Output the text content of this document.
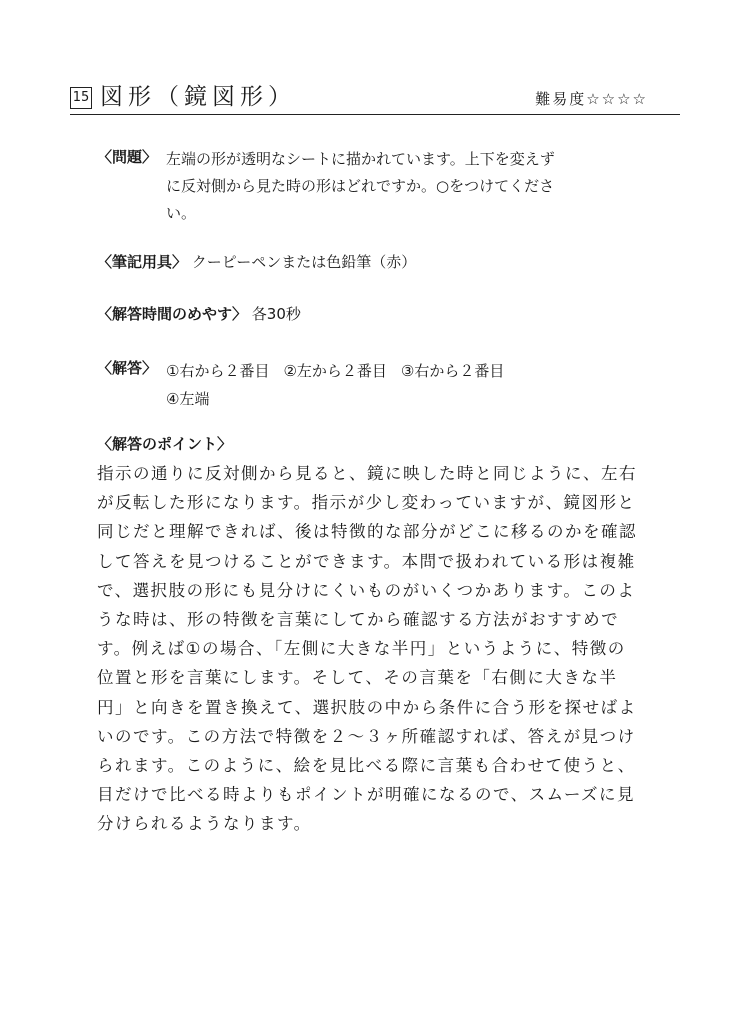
15 図形（鏡図形）	難易度☆☆☆☆
〈問題〉 左端の形が透明なシートに描かれています。上下を変えず
に反対側から見た時の形はどれですか。○をつけてくださ
い。
〈筆記用具〉 クーピーペンまたは色鉛筆（赤）
〈解答時間のめやす〉 各30秒
〈解答〉 ①右から２番目 ②左から２番目 ③右から２番目
④左端
〈解答のポイント〉
指示の通りに反対側から見ると、鏡に映した時と同じように、左右
が反転した形になります。指示が少し変わっていますが、鏡図形と
同じだと理解できれば、後は特徴的な部分がどこに移るのかを確認
して答えを見つけることができます。本問で扱われている形は複雑
で、選択肢の形にも見分けにくいものがいくつかあります。このよ
うな時は、形の特徴を言葉にしてから確認する方法がおすすめで
す。例えば①の場合、「左側に大きな半円」というように、特徴の
位置と形を言葉にします。そして、その言葉を「右側に大きな半
円」と向きを置き換えて、選択肢の中から条件に合う形を探せばよ
いのです。この方法で特徴を２～３ヶ所確認すれば、答えが見つけ
られます。このように、絵を見比べる際に言葉も合わせて使うと、
目だけで比べる時よりもポイントが明確になるので、スムーズに見
分けられるようなります。
